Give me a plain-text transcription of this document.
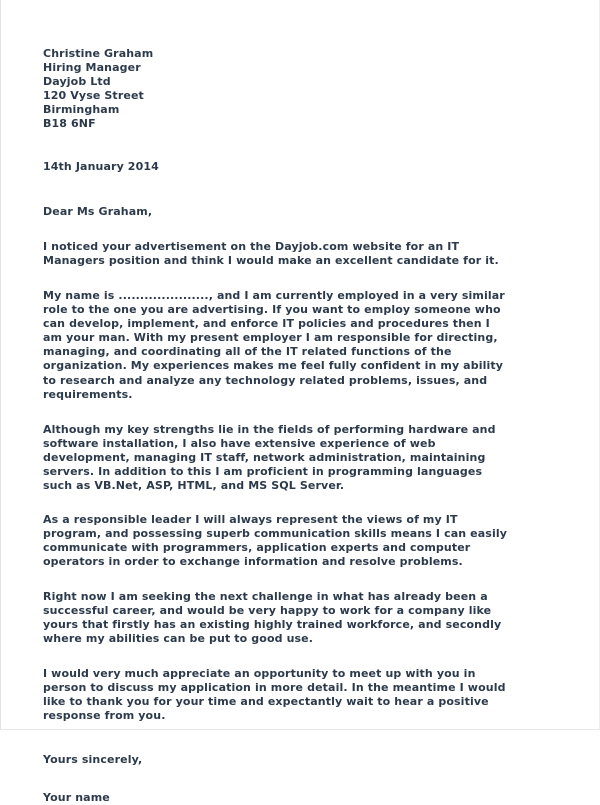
Christine Graham
Hiring Manager
Dayjob Ltd
120 Vyse Street
Birmingham
B18 6NF
14th January 2014
Dear Ms Graham,
I noticed your advertisement on the Dayjob.com website for an IT
Managers position and think I would make an excellent candidate for it.
My name is ....................., and I am currently employed in a very similar
role to the one you are advertising. If you want to employ someone who
can develop, implement, and enforce IT policies and procedures then I
am your man. With my present employer I am responsible for directing,
managing, and coordinating all of the IT related functions of the
organization. My experiences makes me feel fully confident in my ability
to research and analyze any technology related problems, issues, and
requirements.
Although my key strengths lie in the fields of performing hardware and
software installation, I also have extensive experience of web
development, managing IT staff, network administration, maintaining
servers. In addition to this I am proficient in programming languages
such as VB.Net, ASP, HTML, and MS SQL Server.
As a responsible leader I will always represent the views of my IT
program, and possessing superb communication skills means I can easily
communicate with programmers, application experts and computer
operators in order to exchange information and resolve problems.
Right now I am seeking the next challenge in what has already been a
successful career, and would be very happy to work for a company like
yours that firstly has an existing highly trained workforce, and secondly
where my abilities can be put to good use.
I would very much appreciate an opportunity to meet up with you in
person to discuss my application in more detail. In the meantime I would
like to thank you for your time and expectantly wait to hear a positive
response from you.
Yours sincerely,
Your name
